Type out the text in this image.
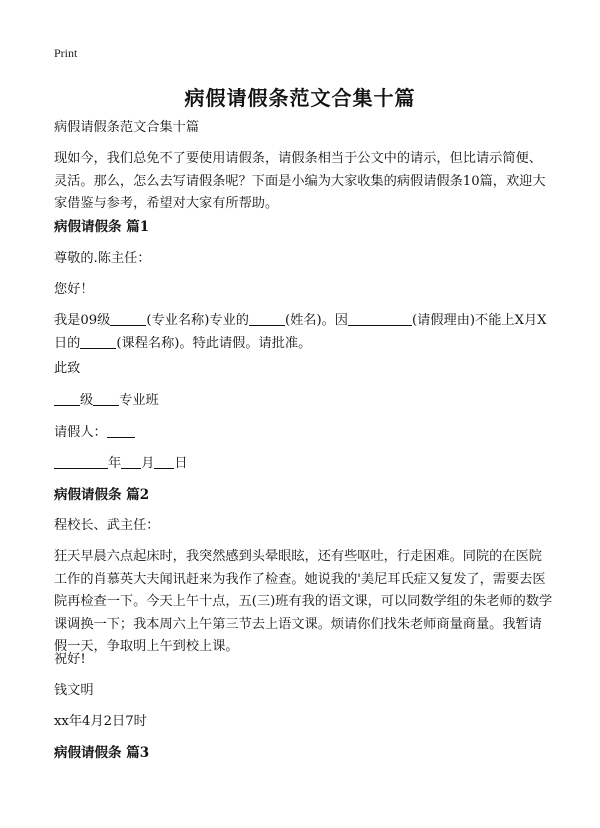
Print
病假请假条范文合集十篇
病假请假条范文合集十篇
现如今，我们总免不了要使用请假条，请假条相当于公文中的请示，但比请示简便、灵活。那么，怎么去写请假条呢？下面是小编为大家收集的病假请假条10篇，欢迎大家借鉴与参考，希望对大家有所帮助。
病假请假条 篇1
尊敬的.陈主任：
您好！
我是09级	(专业名称)专业的	(姓名)。因	(请假理由)不能上X月X日的	(课程名称)。特此请假。请批准。
此致
级 专业班
请假人：
年 月 日
病假请假条 篇2
程校长、武主任：
狂天早晨六点起床时，我突然感到头晕眼眩，还有些呕吐，行走困难。同院的在医院工作的肖慕英大夫闻讯赶来为我作了检查。她说我的'美尼耳氏症又复发了，需要去医院再检查一下。今天上午十点，五(三)班有我的语文课，可以同数学组的朱老师的数学课调换一下；我本周六上午第三节去上语文课。烦请你们找朱老师商量商量。我暂请假一天，争取明上午到校上课。
祝好!
钱文明
xx年4月2日7时
病假请假条 篇3
